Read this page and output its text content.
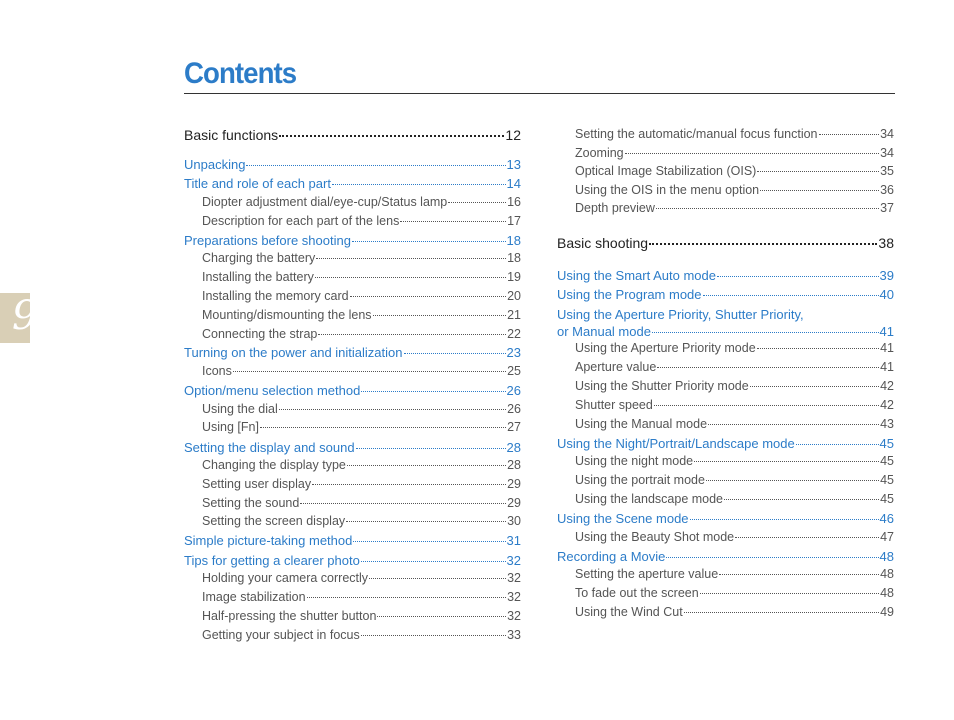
9
Contents
Basic functions	12
Unpacking	13
Title and role of each part	14
Diopter adjustment dial/eye-cup/Status lamp	16
Description for each part of the lens	17
Preparations before shooting	18
Charging the battery	18
Installing the battery	19
Installing the memory card	20
Mounting/dismounting the lens	21
Connecting the strap	22
Turning on the power and initialization	23
Icons	25
Option/menu selection method	26
Using the dial	26
Using [Fn]	27
Setting the display and sound	28
Changing the display type	28
Setting user display	29
Setting the sound	29
Setting the screen display	30
Simple picture-taking method	31
Tips for getting a clearer photo	32
Holding your camera correctly	32
Image stabilization	32
Half-pressing the shutter button	32
Getting your subject in focus	33
Setting the automatic/manual focus function	34
Zooming	34
Optical Image Stabilization (OIS)	35
Using the OIS in the menu option	36
Depth preview	37
Basic shooting	38
Using the Smart Auto mode	39
Using the Program mode	40
Using the Aperture Priority, Shutter Priority,
or Manual mode	41
Using the Aperture Priority mode	41
Aperture value	41
Using the Shutter Priority mode	42
Shutter speed	42
Using the Manual mode	43
Using the Night/Portrait/Landscape mode	45
Using the night mode	45
Using the portrait mode	45
Using the landscape mode	45
Using the Scene mode	46
Using the Beauty Shot mode	47
Recording a Movie	48
Setting the aperture value	48
To fade out the screen	48
Using the Wind Cut	49
